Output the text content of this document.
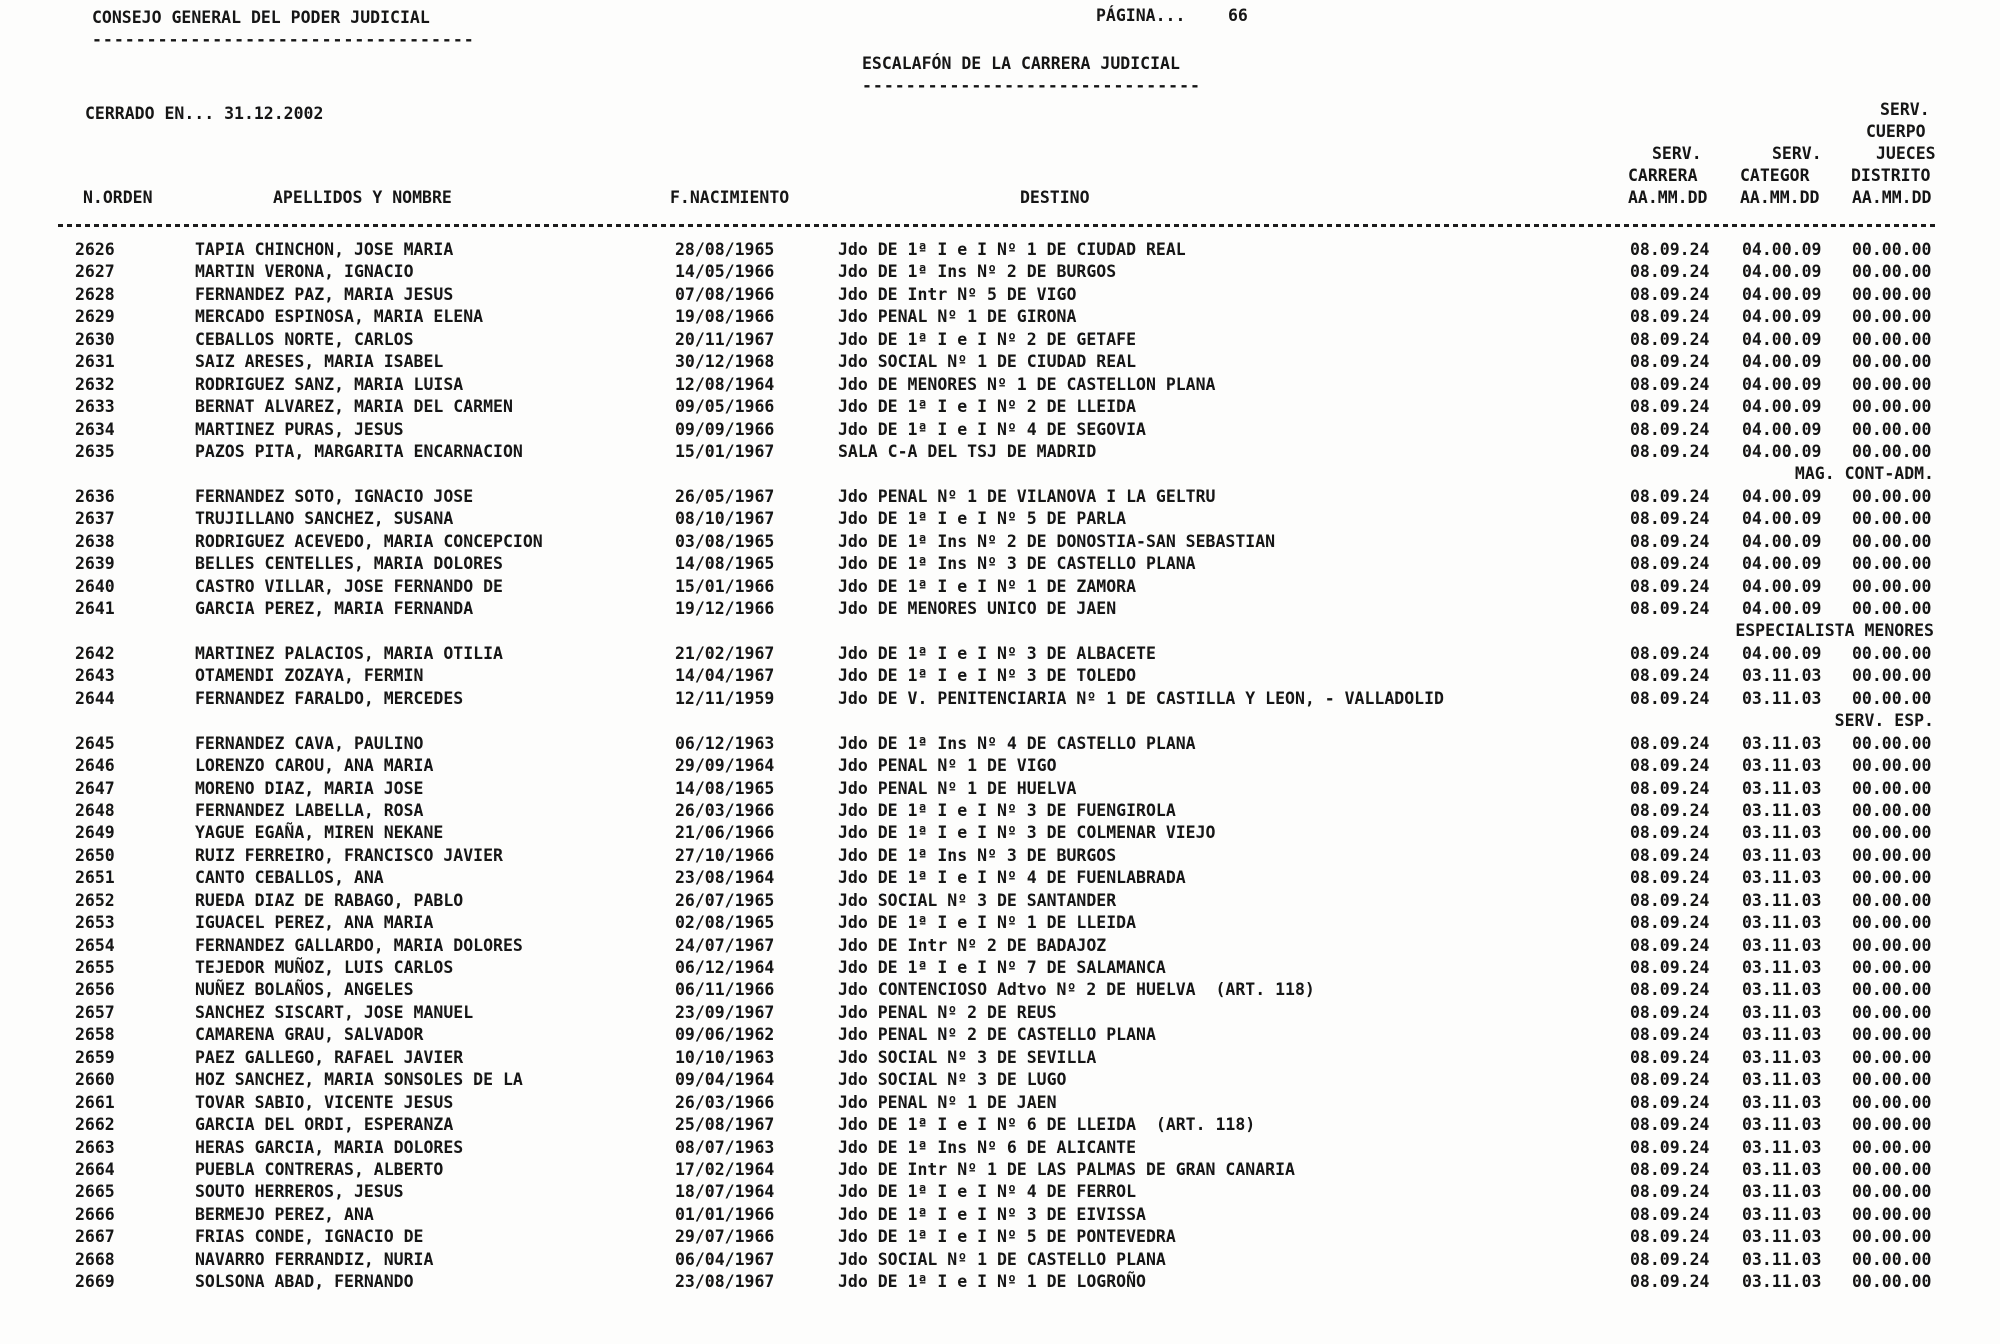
CONSEJO GENERAL DEL PODER JUDICIAL
-----------------------------------
PÁGINA...	66
ESCALAFÓN DE LA CARRERA JUDICIAL
-------------------------------
CERRADO EN... 31.12.2002	SERV.
CUERPO
SERV.	SERV.	JUECES
CARRERA	CATEGOR	DISTRITO
N.ORDEN	APELLIDOS Y NOMBRE	F.NACIMIENTO	DESTINO	AA.MM.DD AA.MM.DD AA.MM.DD
2626	TAPIA CHINCHON, JOSE MARIA	28/08/1965	Jdo DE 1ª I e I Nº 1 DE CIUDAD REAL	08.09.24 04.00.09 00.00.00
2627	MARTIN VERONA, IGNACIO	14/05/1966	Jdo DE 1ª Ins Nº 2 DE BURGOS	08.09.24 04.00.09 00.00.00
2628	FERNANDEZ PAZ, MARIA JESUS	07/08/1966	Jdo DE Intr Nº 5 DE VIGO	08.09.24 04.00.09 00.00.00
2629	MERCADO ESPINOSA, MARIA ELENA	19/08/1966	Jdo PENAL Nº 1 DE GIRONA	08.09.24 04.00.09 00.00.00
2630	CEBALLOS NORTE, CARLOS	20/11/1967	Jdo DE 1ª I e I Nº 2 DE GETAFE	08.09.24 04.00.09 00.00.00
2631	SAIZ ARESES, MARIA ISABEL	30/12/1968	Jdo SOCIAL Nº 1 DE CIUDAD REAL	08.09.24 04.00.09 00.00.00
2632	RODRIGUEZ SANZ, MARIA LUISA	12/08/1964	Jdo DE MENORES Nº 1 DE CASTELLON PLANA	08.09.24 04.00.09 00.00.00
2633	BERNAT ALVAREZ, MARIA DEL CARMEN	09/05/1966	Jdo DE 1ª I e I Nº 2 DE LLEIDA	08.09.24 04.00.09 00.00.00
2634	MARTINEZ PURAS, JESUS	09/09/1966	Jdo DE 1ª I e I Nº 4 DE SEGOVIA	08.09.24 04.00.09 00.00.00
2635	PAZOS PITA, MARGARITA ENCARNACION	15/01/1967	SALA C-A DEL TSJ DE MADRID	08.09.24 04.00.09 00.00.00
MAG. CONT-ADM.
2636	FERNANDEZ SOTO, IGNACIO JOSE	26/05/1967	Jdo PENAL Nº 1 DE VILANOVA I LA GELTRU	08.09.24 04.00.09 00.00.00
2637	TRUJILLANO SANCHEZ, SUSANA	08/10/1967	Jdo DE 1ª I e I Nº 5 DE PARLA	08.09.24 04.00.09 00.00.00
2638	RODRIGUEZ ACEVEDO, MARIA CONCEPCION	03/08/1965	Jdo DE 1ª Ins Nº 2 DE DONOSTIA-SAN SEBASTIAN	08.09.24 04.00.09 00.00.00
2639	BELLES CENTELLES, MARIA DOLORES	14/08/1965	Jdo DE 1ª Ins Nº 3 DE CASTELLO PLANA	08.09.24 04.00.09 00.00.00
2640	CASTRO VILLAR, JOSE FERNANDO DE	15/01/1966	Jdo DE 1ª I e I Nº 1 DE ZAMORA	08.09.24 04.00.09 00.00.00
2641	GARCIA PEREZ, MARIA FERNANDA	19/12/1966	Jdo DE MENORES UNICO DE JAEN	08.09.24 04.00.09 00.00.00
ESPECIALISTA MENORES
2642	MARTINEZ PALACIOS, MARIA OTILIA	21/02/1967	Jdo DE 1ª I e I Nº 3 DE ALBACETE	08.09.24 04.00.09 00.00.00
2643	OTAMENDI ZOZAYA, FERMIN	14/04/1967	Jdo DE 1ª I e I Nº 3 DE TOLEDO	08.09.24 03.11.03 00.00.00
2644	FERNANDEZ FARALDO, MERCEDES	12/11/1959	Jdo DE V. PENITENCIARIA Nº 1 DE CASTILLA Y LEON, - VALLADOLID	08.09.24 03.11.03 00.00.00
SERV. ESP.
2645	FERNANDEZ CAVA, PAULINO	06/12/1963	Jdo DE 1ª Ins Nº 4 DE CASTELLO PLANA	08.09.24 03.11.03 00.00.00
2646	LORENZO CAROU, ANA MARIA	29/09/1964	Jdo PENAL Nº 1 DE VIGO	08.09.24 03.11.03 00.00.00
2647	MORENO DIAZ, MARIA JOSE	14/08/1965	Jdo PENAL Nº 1 DE HUELVA	08.09.24 03.11.03 00.00.00
2648	FERNANDEZ LABELLA, ROSA	26/03/1966	Jdo DE 1ª I e I Nº 3 DE FUENGIROLA	08.09.24 03.11.03 00.00.00
2649	YAGUE EGAÑA, MIREN NEKANE	21/06/1966	Jdo DE 1ª I e I Nº 3 DE COLMENAR VIEJO	08.09.24 03.11.03 00.00.00
2650	RUIZ FERREIRO, FRANCISCO JAVIER	27/10/1966	Jdo DE 1ª Ins Nº 3 DE BURGOS	08.09.24 03.11.03 00.00.00
2651	CANTO CEBALLOS, ANA	23/08/1964	Jdo DE 1ª I e I Nº 4 DE FUENLABRADA	08.09.24 03.11.03 00.00.00
2652	RUEDA DIAZ DE RABAGO, PABLO	26/07/1965	Jdo SOCIAL Nº 3 DE SANTANDER	08.09.24 03.11.03 00.00.00
2653	IGUACEL PEREZ, ANA MARIA	02/08/1965	Jdo DE 1ª I e I Nº 1 DE LLEIDA	08.09.24 03.11.03 00.00.00
2654	FERNANDEZ GALLARDO, MARIA DOLORES	24/07/1967	Jdo DE Intr Nº 2 DE BADAJOZ	08.09.24 03.11.03 00.00.00
2655	TEJEDOR MUÑOZ, LUIS CARLOS	06/12/1964	Jdo DE 1ª I e I Nº 7 DE SALAMANCA	08.09.24 03.11.03 00.00.00
2656	NUÑEZ BOLAÑOS, ANGELES	06/11/1966	Jdo CONTENCIOSO Adtvo Nº 2 DE HUELVA  (ART. 118)	08.09.24 03.11.03 00.00.00
2657	SANCHEZ SISCART, JOSE MANUEL	23/09/1967	Jdo PENAL Nº 2 DE REUS	08.09.24 03.11.03 00.00.00
2658	CAMARENA GRAU, SALVADOR	09/06/1962	Jdo PENAL Nº 2 DE CASTELLO PLANA	08.09.24 03.11.03 00.00.00
2659	PAEZ GALLEGO, RAFAEL JAVIER	10/10/1963	Jdo SOCIAL Nº 3 DE SEVILLA	08.09.24 03.11.03 00.00.00
2660	HOZ SANCHEZ, MARIA SONSOLES DE LA	09/04/1964	Jdo SOCIAL Nº 3 DE LUGO	08.09.24 03.11.03 00.00.00
2661	TOVAR SABIO, VICENTE JESUS	26/03/1966	Jdo PENAL Nº 1 DE JAEN	08.09.24 03.11.03 00.00.00
2662	GARCIA DEL ORDI, ESPERANZA	25/08/1967	Jdo DE 1ª I e I Nº 6 DE LLEIDA  (ART. 118)	08.09.24 03.11.03 00.00.00
2663	HERAS GARCIA, MARIA DOLORES	08/07/1963	Jdo DE 1ª Ins Nº 6 DE ALICANTE	08.09.24 03.11.03 00.00.00
2664	PUEBLA CONTRERAS, ALBERTO	17/02/1964	Jdo DE Intr Nº 1 DE LAS PALMAS DE GRAN CANARIA	08.09.24 03.11.03 00.00.00
2665	SOUTO HERREROS, JESUS	18/07/1964	Jdo DE 1ª I e I Nº 4 DE FERROL	08.09.24 03.11.03 00.00.00
2666	BERMEJO PEREZ, ANA	01/01/1966	Jdo DE 1ª I e I Nº 3 DE EIVISSA	08.09.24 03.11.03 00.00.00
2667	FRIAS CONDE, IGNACIO DE	29/07/1966	Jdo DE 1ª I e I Nº 5 DE PONTEVEDRA	08.09.24 03.11.03 00.00.00
2668	NAVARRO FERRANDIZ, NURIA	06/04/1967	Jdo SOCIAL Nº 1 DE CASTELLO PLANA	08.09.24 03.11.03 00.00.00
2669	SOLSONA ABAD, FERNANDO	23/08/1967	Jdo DE 1ª I e I Nº 1 DE LOGROÑO	08.09.24 03.11.03 00.00.00
